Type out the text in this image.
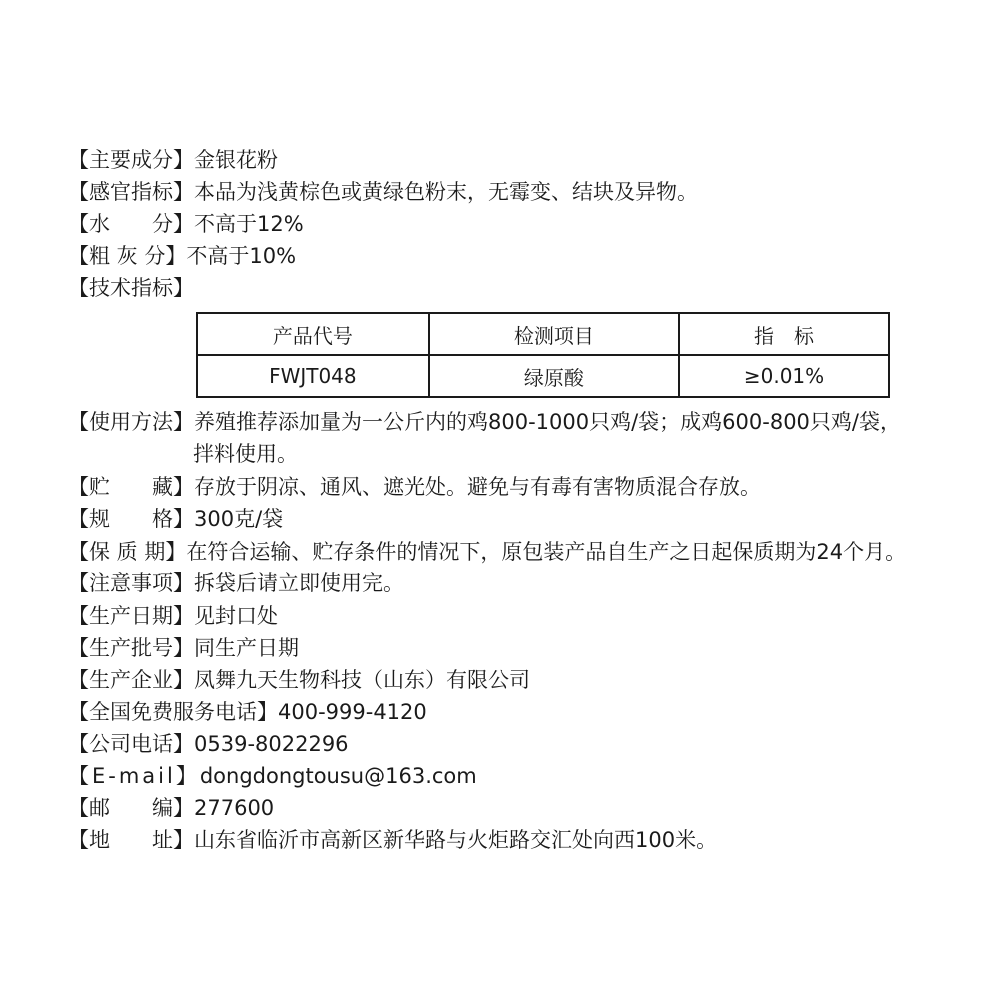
【主要成分】 金银花粉
【感官指标】 本品为浅黄棕色或黄绿色粉末，无霉变、结块及异物。
【水　　分】 不高于12%
【粗 灰 分】 不高于10%
【技术指标】
产品代号	检测项目	指　标
FWJT048	绿原酸	≥0.01%
【使用方法】 养殖推荐添加量为一公斤内的鸡800-1000只鸡/袋；成鸡600-800只鸡/袋，
拌料使用。
【贮　　藏】 存放于阴凉、通风、遮光处。避免与有毒有害物质混合存放。
【规　　格】 300克/袋
【保 质 期】 在符合运输、贮存条件的情况下，原包装产品自生产之日起保质期为24个月。
【注意事项】 拆袋后请立即使用完。
【生产日期】 见封口处
【生产批号】 同生产日期
【生产企业】 凤舞九天生物科技（山东）有限公司
【全国免费服务电话】 400-999-4120
【公司电话】 0539-8022296
【E-mail】 dongdongtousu@163.com
【邮　　编】 277600
【地　　址】 山东省临沂市高新区新华路与火炬路交汇处向西100米。
